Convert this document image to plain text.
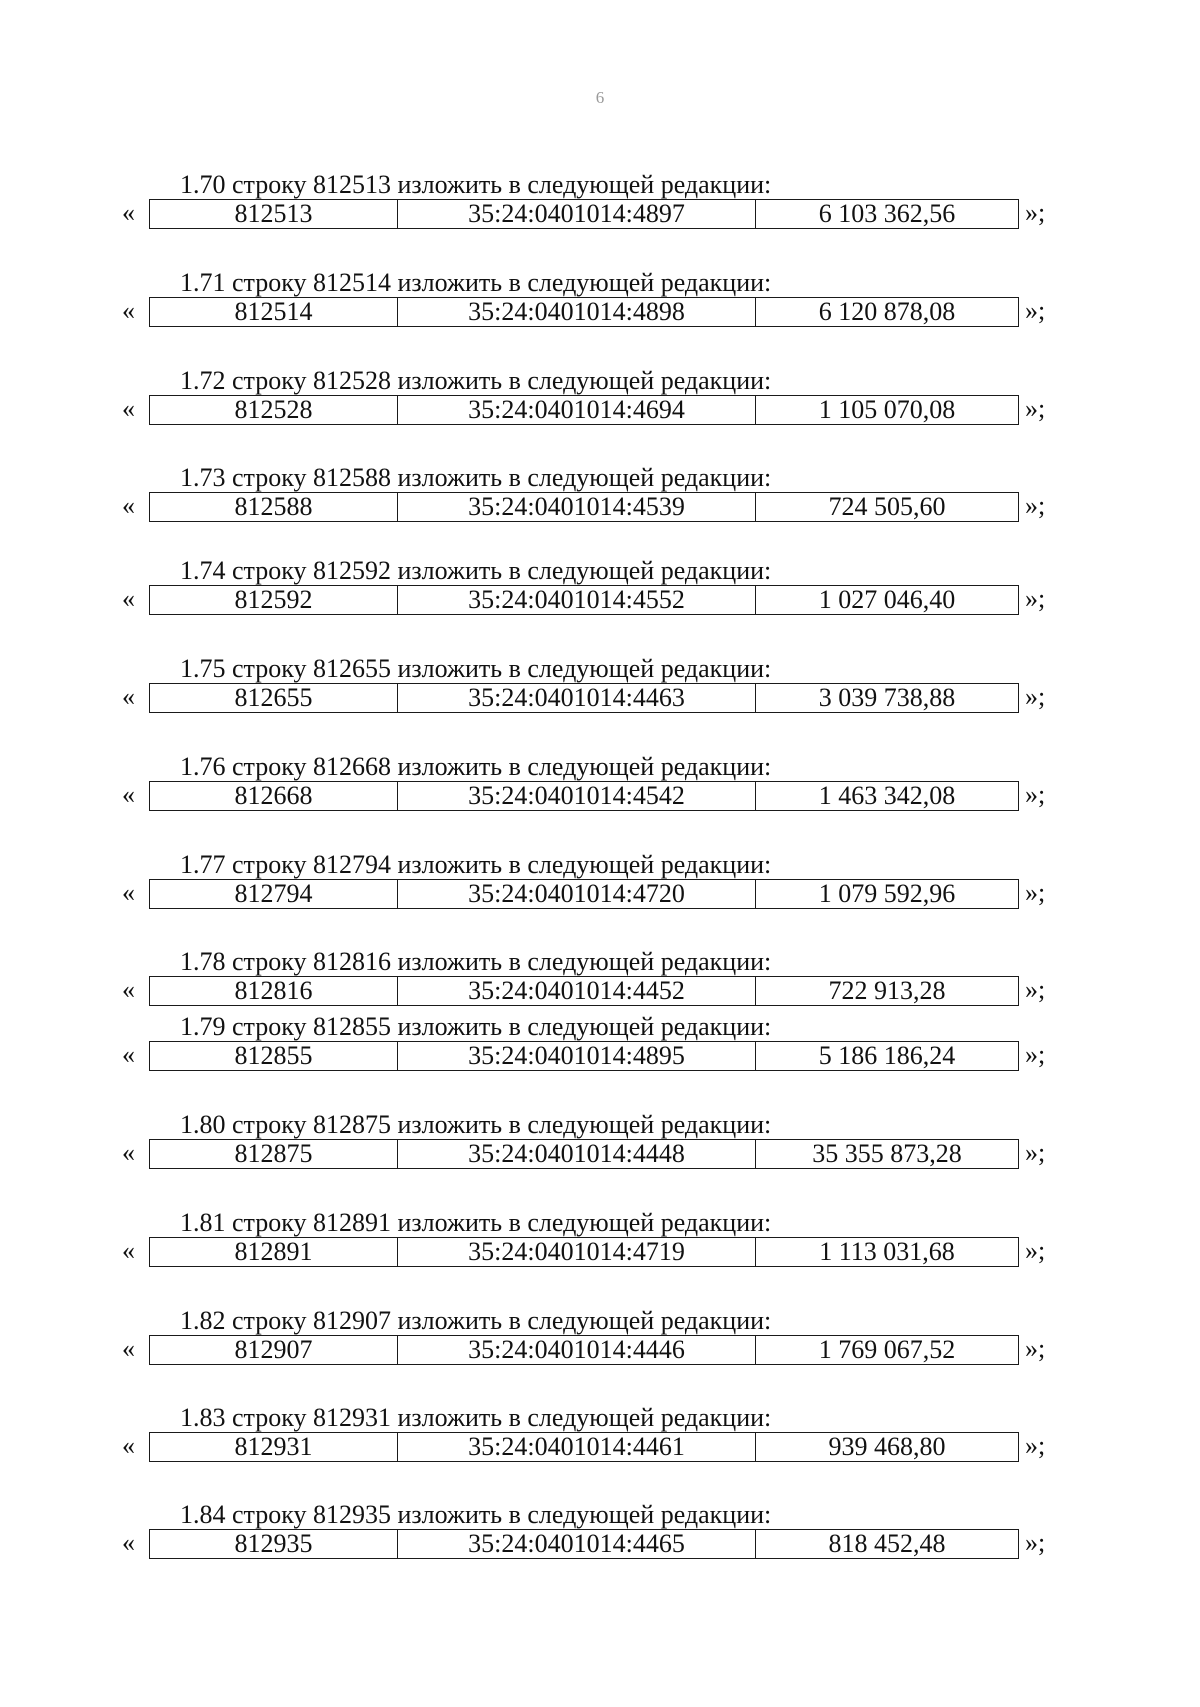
6
1.70 строку 812513 изложить в следующей редакции:
«	812513	35:24:0401014:4897	6 103 362,56	»;
1.71 строку 812514 изложить в следующей редакции:
«	812514	35:24:0401014:4898	6 120 878,08	»;
1.72 строку 812528 изложить в следующей редакции:
«	812528	35:24:0401014:4694	1 105 070,08	»;
1.73 строку 812588 изложить в следующей редакции:
«	812588	35:24:0401014:4539	724 505,60	»;
1.74 строку 812592 изложить в следующей редакции:
«	812592	35:24:0401014:4552	1 027 046,40	»;
1.75 строку 812655 изложить в следующей редакции:
«	812655	35:24:0401014:4463	3 039 738,88	»;
1.76 строку 812668 изложить в следующей редакции:
«	812668	35:24:0401014:4542	1 463 342,08	»;
1.77 строку 812794 изложить в следующей редакции:
«	812794	35:24:0401014:4720	1 079 592,96	»;
1.78 строку 812816 изложить в следующей редакции:
«	812816	35:24:0401014:4452	722 913,28	»;
1.79 строку 812855 изложить в следующей редакции:
«	812855	35:24:0401014:4895	5 186 186,24	»;
1.80 строку 812875 изложить в следующей редакции:
«	812875	35:24:0401014:4448	35 355 873,28	»;
1.81 строку 812891 изложить в следующей редакции:
«	812891	35:24:0401014:4719	1 113 031,68	»;
1.82 строку 812907 изложить в следующей редакции:
«	812907	35:24:0401014:4446	1 769 067,52	»;
1.83 строку 812931 изложить в следующей редакции:
«	812931	35:24:0401014:4461	939 468,80	»;
1.84 строку 812935 изложить в следующей редакции:
«	812935	35:24:0401014:4465	818 452,48	»;
